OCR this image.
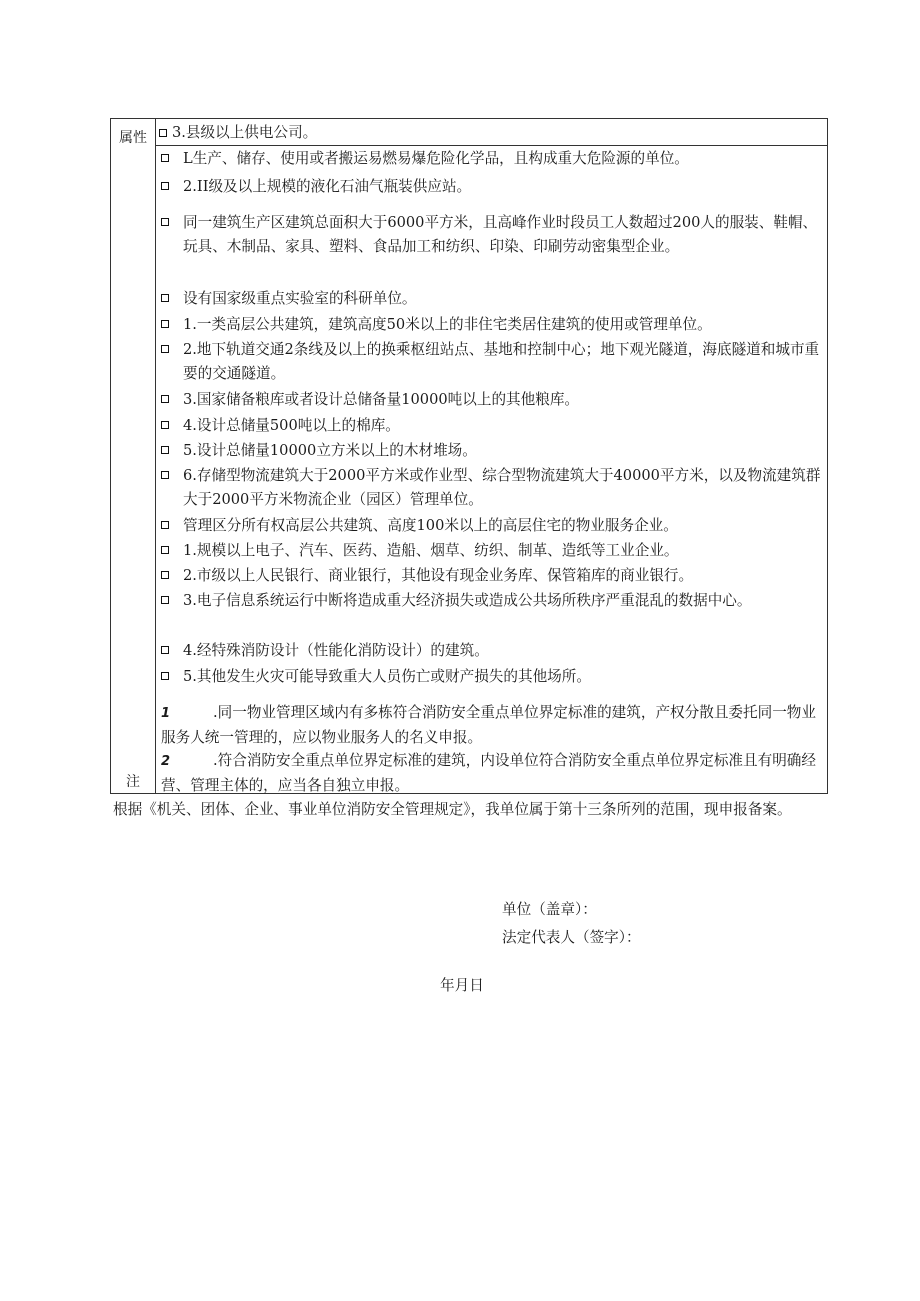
属性
注
3.县级以上供电公司。
L生产、储存、使用或者搬运易燃易爆危险化学品，且构成重大危险源的单位。
2.II级及以上规模的液化石油气瓶装供应站。
同一建筑生产区建筑总面积大于6000平方米，且高峰作业时段员工人数超过200人的服装、鞋帽、玩具、木制品、家具、塑料、食品加工和纺织、印染、印刷劳动密集型企业。
设有国家级重点实验室的科研单位。
1.一类高层公共建筑，建筑高度50米以上的非住宅类居住建筑的使用或管理单位。
2.地下轨道交通2条线及以上的换乘枢纽站点、基地和控制中心；地下观光隧道，海底隧道和城市重要的交通隧道。
3.国家储备粮库或者设计总储备量10000吨以上的其他粮库。
4.设计总储量500吨以上的棉库。
5.设计总储量10000立方米以上的木材堆场。
6.存储型物流建筑大于2000平方米或作业型、综合型物流建筑大于40000平方米，以及物流建筑群大于2000平方米物流企业（园区）管理单位。
管理区分所有权高层公共建筑、高度100米以上的高层住宅的物业服务企业。
1.规模以上电子、汽车、医药、造船、烟草、纺织、制革、造纸等工业企业。
2.市级以上人民银行、商业银行，其他设有现金业务库、保管箱库的商业银行。
3.电子信息系统运行中断将造成重大经济损失或造成公共场所秩序严重混乱的数据中心。
4.经特殊消防设计（性能化消防设计）的建筑。
5.其他发生火灾可能导致重大人员伤亡或财产损失的其他场所。
1	.同一物业管理区域内有多栋符合消防安全重点单位界定标准的建筑，产权分散且委托同一物业服务人统一管理的，应以物业服务人的名义申报。
2	.符合消防安全重点单位界定标准的建筑，内设单位符合消防安全重点单位界定标准且有明确经营、管理主体的，应当各自独立申报。
根据《机关、团体、企业、事业单位消防安全管理规定》，我单位属于第十三条所列的范围，现申报备案。
单位（盖章）：
法定代表人（签字）：
年月日
